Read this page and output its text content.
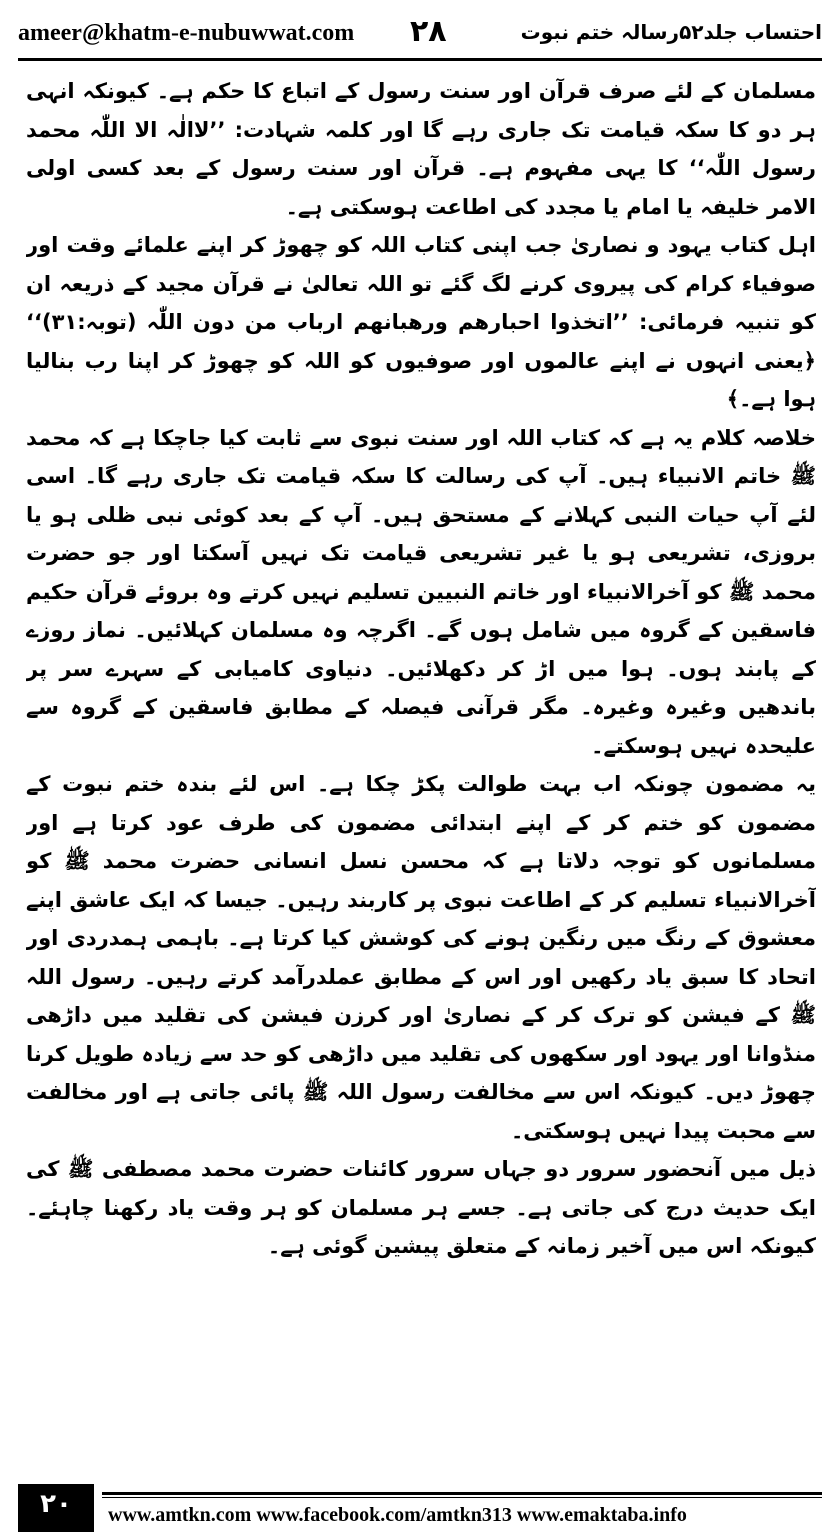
ameer@khatm-e-nubuwwat.com ۲۸	احتساب جلد۵۲رسالہ ختم نبوت

مسلمان کے لئے صرف قرآن اور سنت رسول کے اتباع کا حکم ہے۔ کیونکہ انہی ہر دو کا سکہ قیامت تک جاری رہے گا اور کلمہ شہادت: ’’لاالٰہ الا اللّٰہ محمد رسول اللّٰہ‘‘ کا یہی مفہوم ہے۔ قرآن اور سنت رسول کے بعد کسی اولی الامر خلیفہ یا امام یا مجدد کی اطاعت ہوسکتی ہے۔

اہل کتاب یہود و نصاریٰ جب اپنی کتاب اللہ کو چھوڑ کر اپنے علمائے وقت اور صوفیاء کرام کی پیروی کرنے لگ گئے تو اللہ تعالیٰ نے قرآن مجید کے ذریعہ ان کو تنبیہ فرمائی: ’’اتخذوا احبارھم ورھبانھم ارباب من دون اللّٰہ (توبہ:۳۱)‘‘ ﴿یعنی انہوں نے اپنے عالموں اور صوفیوں کو اللہ کو چھوڑ کر اپنا رب بنالیا ہوا ہے۔﴾

خلاصہ کلام یہ ہے کہ کتاب اللہ اور سنت نبوی سے ثابت کیا جاچکا ہے کہ محمد ﷺ خاتم الانبیاء ہیں۔ آپ کی رسالت کا سکہ قیامت تک جاری رہے گا۔ اسی لئے آپ حیات النبی کہلانے کے مستحق ہیں۔ آپ کے بعد کوئی نبی ظلی ہو یا بروزی، تشریعی ہو یا غیر تشریعی قیامت تک نہیں آسکتا اور جو حضرت محمد ﷺ کو آخرالانبیاء اور خاتم النبیین تسلیم نہیں کرتے وہ بروئے قرآن حکیم فاسقین کے گروہ میں شامل ہوں گے۔ اگرچہ وہ مسلمان کہلائیں۔ نماز روزے کے پابند ہوں۔ ہوا میں اڑ کر دکھلائیں۔ دنیاوی کامیابی کے سہرے سر پر باندھیں وغیرہ وغیرہ۔ مگر قرآنی فیصلہ کے مطابق فاسقین کے گروہ سے علیحدہ نہیں ہوسکتے۔

یہ مضمون چونکہ اب بہت طوالت پکڑ چکا ہے۔ اس لئے بندہ ختم نبوت کے مضمون کو ختم کر کے اپنے ابتدائی مضمون کی طرف عود کرتا ہے اور مسلمانوں کو توجہ دلاتا ہے کہ محسن نسل انسانی حضرت محمد ﷺ کو آخرالانبیاء تسلیم کر کے اطاعت نبوی پر کاربند رہیں۔ جیسا کہ ایک عاشق اپنے معشوق کے رنگ میں رنگین ہونے کی کوشش کیا کرتا ہے۔ باہمی ہمدردی اور اتحاد کا سبق یاد رکھیں اور اس کے مطابق عملدرآمد کرتے رہیں۔ رسول اللہ ﷺ کے فیشن کو ترک کر کے نصاریٰ اور کرزن فیشن کی تقلید میں داڑھی منڈوانا اور یہود اور سکھوں کی تقلید میں داڑھی کو حد سے زیادہ طویل کرنا چھوڑ دیں۔ کیونکہ اس سے مخالفت رسول اللہ ﷺ پائی جاتی ہے اور مخالفت سے محبت پیدا نہیں ہوسکتی۔

ذیل میں آنحضور سرور دو جہاں سرور کائنات حضرت محمد مصطفی ﷺ کی ایک حدیث درج کی جاتی ہے۔ جسے ہر مسلمان کو ہر وقت یاد رکھنا چاہئے۔ کیونکہ اس میں آخیر زمانہ کے متعلق پیشین گوئی ہے۔

۲۰	www.amtkn.com www.facebook.com/amtkn313 www.emaktaba.info
